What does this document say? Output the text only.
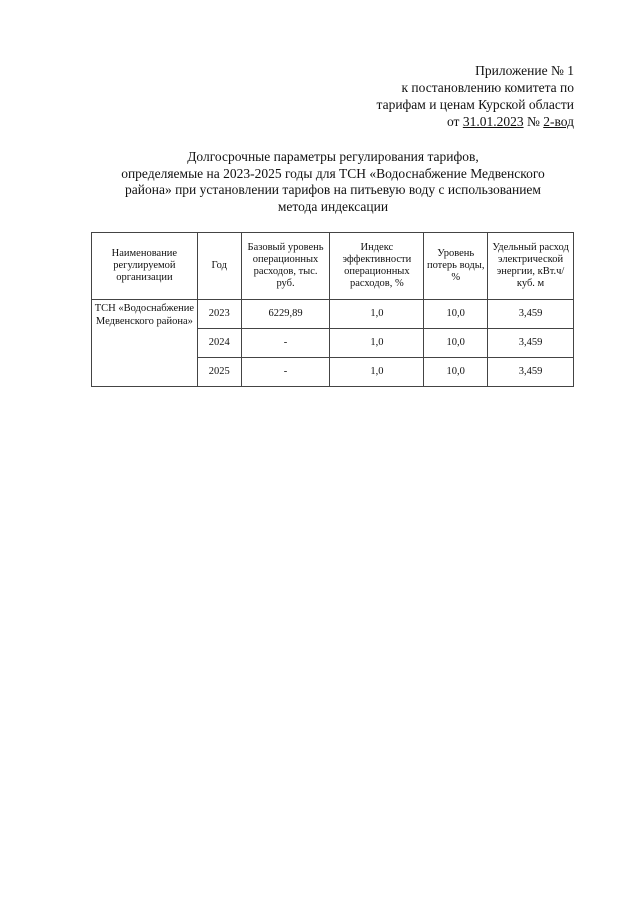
Приложение № 1
к постановлению комитета по
тарифам и ценам Курской области
от 31.01.2023 № 2-вод
Долгосрочные параметры регулирования тарифов,
определяемые на 2023-2025 годы для ТСН «Водоснабжение Медвенского
района» при установлении тарифов на питьевую воду с использованием
метода индексации
Наименование регулируемой организации	Год	Базовый уровень операционных расходов, тыс. руб.	Индекс эффективности операционных расходов, %	Уровень потерь воды, %	Удельный расход электрической энергии, кВт.ч/куб. м
ТСН «Водоснабжение Медвенского района»	2023	6229,89	1,0	10,0	3,459
	2024	-	1,0	10,0	3,459
	2025	-	1,0	10,0	3,459
